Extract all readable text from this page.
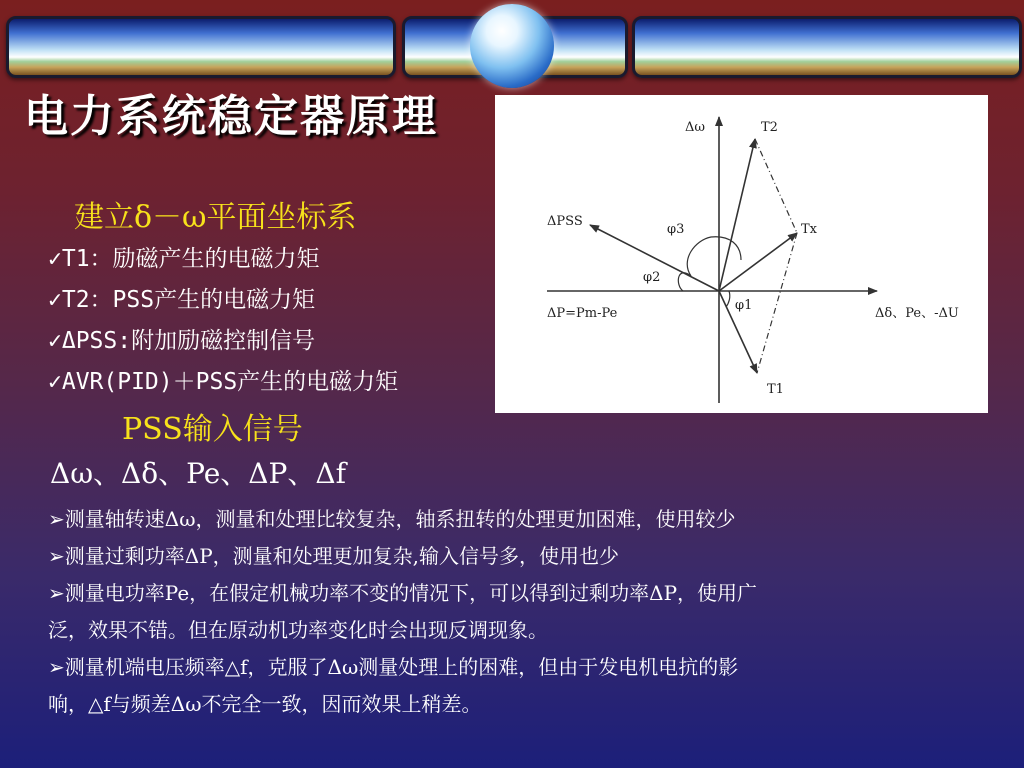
电力系统稳定器原理	Δω	T2
ΔPSS
Tx
φ3
φ2
φ1
ΔP=Pm-Pe	Δδ、Pe、-ΔU
T1
建立δ－ω平面坐标系
✓T1：励磁产生的电磁力矩
✓T2：PSS产生的电磁力矩
✓ΔPSS:附加励磁控制信号
✓AVR(PID)＋PSS产生的电磁力矩
PSS输入信号
Δω、Δδ、Pe、ΔP、Δf
➢测量轴转速Δω，测量和处理比较复杂，轴系扭转的处理更加困难，使用较少
➢测量过剩功率ΔP，测量和处理更加复杂,输入信号多，使用也少
➢测量电功率Pe，在假定机械功率不变的情况下，可以得到过剩功率ΔP，使用广
泛，效果不错。但在原动机功率变化时会出现反调现象。
➢测量机端电压频率△f，克服了Δω测量处理上的困难，但由于发电机电抗的影
响，△f与频差Δω不完全一致，因而效果上稍差。
